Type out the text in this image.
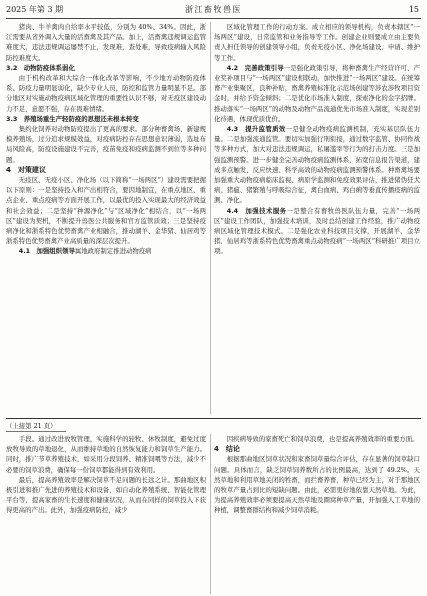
2025 年第 3 期	浙江畜牧兽医	15

猪肉、牛羊禽肉自给率水平较低，分别为 40%、34%。因此，浙江需要从省外调入大量的活畜禽及其产品。加上，活畜禽违规调运监管难度大，违法违规调运屡禁不止，发现难，查处难，导致疫病输入风险防控难度大。

3.2　动物防疫体系弱化

由于机构改革和大综合一体化改革等影响，不少地方动物防疫体系、防疫力量明显弱化，缺少专业人员，防控和监管力量明显不足。部分地区对实施动物疫病区域化管理的重要性认识不够，对无疫区建设动力不足，意愿不强，存在畏难情绪。

3.3　养殖场重生产轻防疫的思想还未根本转变

集约化饲养对动物防疫提出了更高的要求。部分种畜禽场、新建规模养殖场，过分追求规模效益，对疫病防控存在思想意识薄弱，选址布局风险高，防疫设施建设不完善，疫苗免疫和疫病监测不到位等多种问题。

4　对策建议

无疫区、无疫小区、净化场（以下简称“一场两区”）建设需要把握以下原则：一是坚持投入和产出相符合，要因地制宜，在重点地区、重点企业、重点疫病等方面开展工作，以最优的投入实现最大的经济效益和社会效益；二是坚持“种源净化”与“区域净化”相结合，以“一场两区”建设为契机，不断提升兽医公共服务和官方监管质效；三是坚持疫病净化和浙系特色优势畜禽产业相融合，推动湖羊、金华猪、仙居鸡等浙系特色优势畜禽产业高质量的深层次提升。

4.1　加强组织领导属地政府制定推进动物疫病

区域化管理工作的行动方案。成立相应的领导机构，负责本辖区“一场两区”建设，日常监管和业务指导等工作。创建企业则要成立由主要负责人担任领导的创建领导小组，负责无疫小区、净化场建设、申请、维护等工作。

4.2　完善政策引导一是强化政策引导，将种畜禽生产经营许可、产业奖补项目与“一场两区”建设相联动，加快推进“一场两区”建设。在统筹畜产业集聚区，良种补贴，畜禽养殖标准化示范场创建等涉农涉牧项目资金时，并给予资金倾斜；二是优化市场准入制度，探索净化的金字招牌。推动落实“一场两区”的动物及动物产品流通优先市场准入制度，实现差别化待遇，体现优质优价。

4.3　提升监管质效一是健全动物疫病监测机制，充实基层队伍力量。二是加强流通监管。要切实加强行刑衔接，通过数字监管、协同作战等多种方式，加大对违法违规调运，私屠滥宰等行为的打击力度。三是加强监测预警。进一步健全完善动物疫病监测体系，拓宽信息报告渠道，建成多点触发、反应快速、科学高效的动物疫病监测预警体系。种畜禽场要加强重大动物疫病临床监视、病原学监测和免疫效果评估，推进猪伪狂犬病、猪瘟、猪繁殖与呼吸综合征，禽白血病、鸡白痢等垂直传播疫病的监测、净化。

4.4　加强技术服务一是整合有畜牧兽医队伍力量，完善“一场两区”建设工作团队，加强技术培训，及时总结创建工作经验，推广动物疫病区域化管理技术模式。二是强化农业科技项目支撑，开展湖羊、金华猪、仙居鸡等浙系特色优势畜禽重点动物疫病“一场两区”科研推广项目立项。

（上接第 21 页）

手段。通过改进放牧管理，实施科学的轮牧、休牧制度，避免过度放牧导致的草地退化，从而维持草地的自然恢复能力和饲草生产能力。同时，推广节草养殖技术，如采用分段饲养、精准饲喂等方法，减少不必要的饲草浪费，确保每一份饲草都能得到有效利用。

最后，提高养殖效率是解决饲草不足问题的长远之计。那曲地区积极引进和推广先进的养殖技术和设备，如自动化养殖系统、智能化管理平台等，提高家畜的生长速度和健康状况，从而在同样的饲草投入下获得更高的产出。此外，加强疫病防控，减少

因疾病导致的家畜死亡和饲草浪费，也是提高养殖效率的重要方面。

4　结论

根据那曲地区饲草状况和家畜饲草量综合评估，存在显著的饲草缺口问题。具体而言，缺乏饲草饲养数所占的比例最高，达到了 49.2%。天然草地和利用草地关闭的牲畜，而拦畜养畜，种草已经为主，对于那地区的牧草产量占到比的短缺问题。由此，必需更好地依靠天然草地。为此，为提高养殖效率必须要提高天然草地及圈窝种草产量，开加强人工草地的种植，调整畜群结构和减少饲草消耗。
